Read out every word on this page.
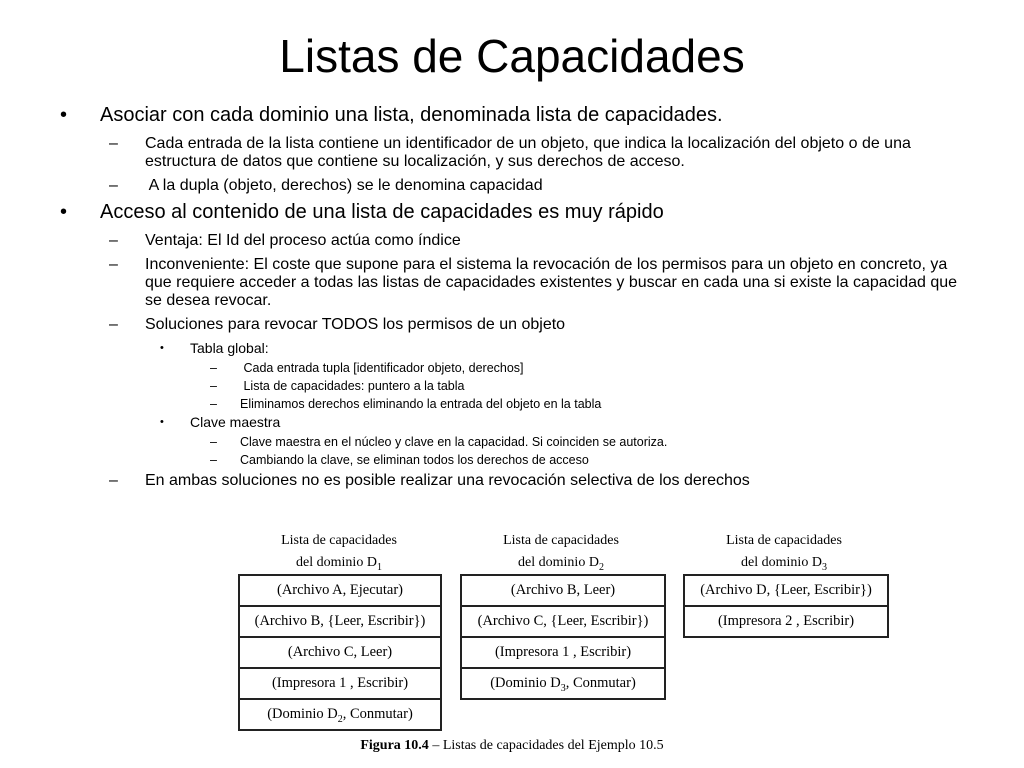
Listas de Capacidades
•	Asociar con cada dominio una lista, denominada lista de capacidades.
– Cada entrada de la lista contiene un identificador de un objeto, que indica la localización del objeto o de una estructura de datos que contiene su localización, y sus derechos de acceso.
– A la dupla (objeto, derechos) se le denomina capacidad
•	Acceso al contenido de una lista de capacidades es muy rápido
– Ventaja: El Id del proceso actúa como índice
– Inconveniente: El coste que supone para el sistema la revocación de los permisos para un objeto en concreto, ya que requiere acceder a todas las listas de capacidades existentes y buscar en cada una si existe la capacidad que se desea revocar.
– Soluciones para revocar TODOS los permisos de un objeto
• Tabla global:
– Cada entrada tupla [identificador objeto, derechos]
– Lista de capacidades: puntero a la tabla
– Eliminamos derechos eliminando la entrada del objeto en la tabla
• Clave maestra
– Clave maestra en el núcleo y clave en la capacidad. Si coinciden se autoriza.
– Cambiando la clave, se eliminan todos los derechos de acceso
– En ambas soluciones no es posible realizar una revocación selectiva de los derechos
Lista de capacidades
del dominio $D_1$
(Archivo A, Ejecutar)
(Archivo B, {Leer, Escribir})
(Archivo C, Leer)
(Impresora 1 , Escribir)
(Dominio $D_2$, Conmutar)
Lista de capacidades
del dominio $D_2$
(Archivo B, Leer)
(Archivo C, {Leer, Escribir})
(Impresora 1 , Escribir)
(Dominio $D_3$, Conmutar)
Lista de capacidades
del dominio $D_3$
(Archivo D, {Leer, Escribir})
(Impresora 2 , Escribir)
Figura 10.4 – Listas de capacidades del Ejemplo 10.5
